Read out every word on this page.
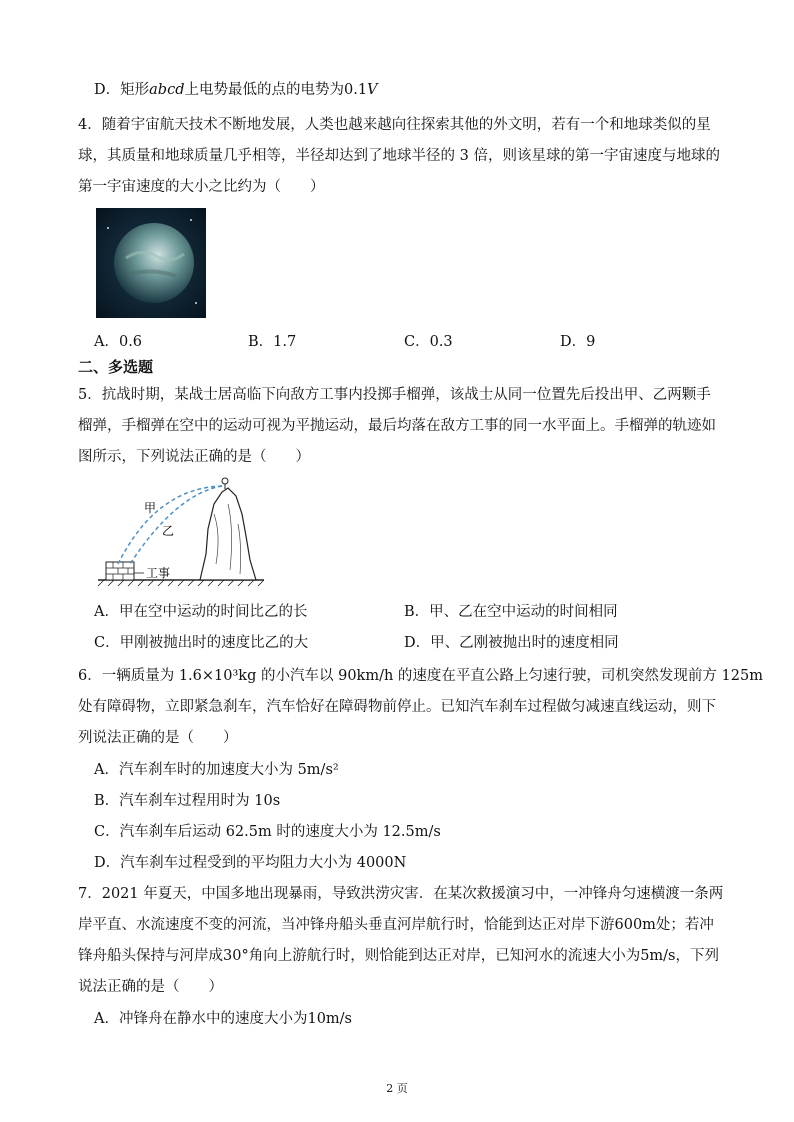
D．矩形abcd上电势最低的点的电势为0.1V
4．随着宇宙航天技术不断地发展，人类也越来越向往探索其他的外文明，若有一个和地球类似的星
球，其质量和地球质量几乎相等，半径却达到了地球半径的 3 倍，则该星球的第一宇宙速度与地球的
第一宇宙速度的大小之比约为（　　）
A．0.6	B．1.7	C．0.3	D．9
二、多选题
5．抗战时期，某战士居高临下向敌方工事内投掷手榴弹，该战士从同一位置先后投出甲、乙两颗手
榴弹，手榴弹在空中的运动可视为平抛运动，最后均落在敌方工事的同一水平面上。手榴弹的轨迹如
图所示，下列说法正确的是（　　）
工事
甲
乙
A．甲在空中运动的时间比乙的长	B．甲、乙在空中运动的时间相同
C．甲刚被抛出时的速度比乙的大	D．甲、乙刚被抛出时的速度相同
6．一辆质量为 1.6×10³kg 的小汽车以 90km/h 的速度在平直公路上匀速行驶，司机突然发现前方 125m
处有障碍物，立即紧急刹车，汽车恰好在障碍物前停止。已知汽车刹车过程做匀减速直线运动，则下
列说法正确的是（　　）
A．汽车刹车时的加速度大小为 5m/s²
B．汽车刹车过程用时为 10s
C．汽车刹车后运动 62.5m 时的速度大小为 12.5m/s
D．汽车刹车过程受到的平均阻力大小为 4000N
7．2021 年夏天，中国多地出现暴雨，导致洪涝灾害．在某次救援演习中，一冲锋舟匀速横渡一条两
岸平直、水流速度不变的河流，当冲锋舟船头垂直河岸航行时，恰能到达正对岸下游600m处；若冲
锋舟船头保持与河岸成30°角向上游航行时，则恰能到达正对岸，已知河水的流速大小为5m/s，下列
说法正确的是（　　）
A．冲锋舟在静水中的速度大小为10m/s
2 页
